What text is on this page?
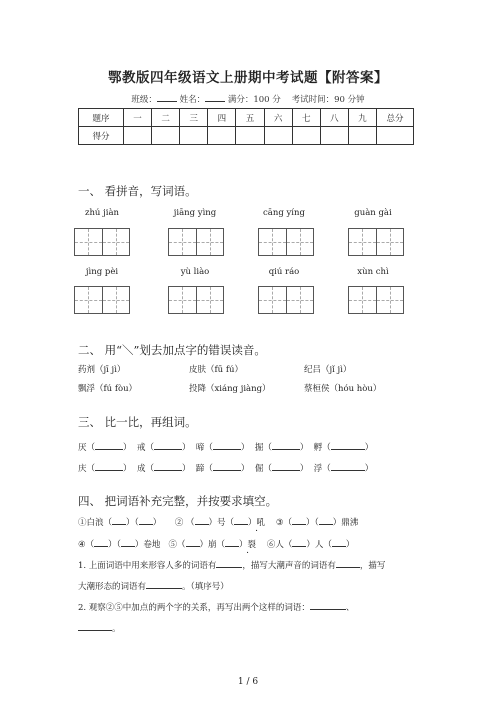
鄂教版四年级语文上册期中考试题【附答案】
班级：	姓名：	满分：100 分 考试时间：90 分钟
题序	一	二	三	四	五	六	七	八	九	总分
得分										
一、 看拼音，写词语。
zhú jiàn	jiāng yìng	cāng yíng	guàn gài
jìng pèi	yù liào	qiú ráo	xùn chì
二、 用“＼”划去加点字的错误读音。
药剂（jī jì）	皮肤（fū fú）	纪吕（jǐ jì）
飘浮（fú fòu）	投降（xiáng jiàng）	蔡桓侯（hóu hòu）
三、 比一比，再组词。
厌（	） 戒（	） 啼（	） 掘（	） 孵（	）
庆（	） 成（	） 蹄（	） 倔（	） 浮（	）
四、 把词语补充完整，并按要求填空。
①白浪（ ）（ ） ② （ ）号（ ）吼 . ③（ ）（ ）鼎沸
④（ ）（ ）卷地 ⑤（ ）崩（ ）裂 . ⑥人（ ）人（ ）
1. 上面词语中用来形容人多的词语有	，描写大潮声音的词语有	，描写
大潮形态的词语有	。（填序号）
2. 观察②⑤中加点的两个字的关系，再写出两个这样的词语：	、
。
1 / 6
